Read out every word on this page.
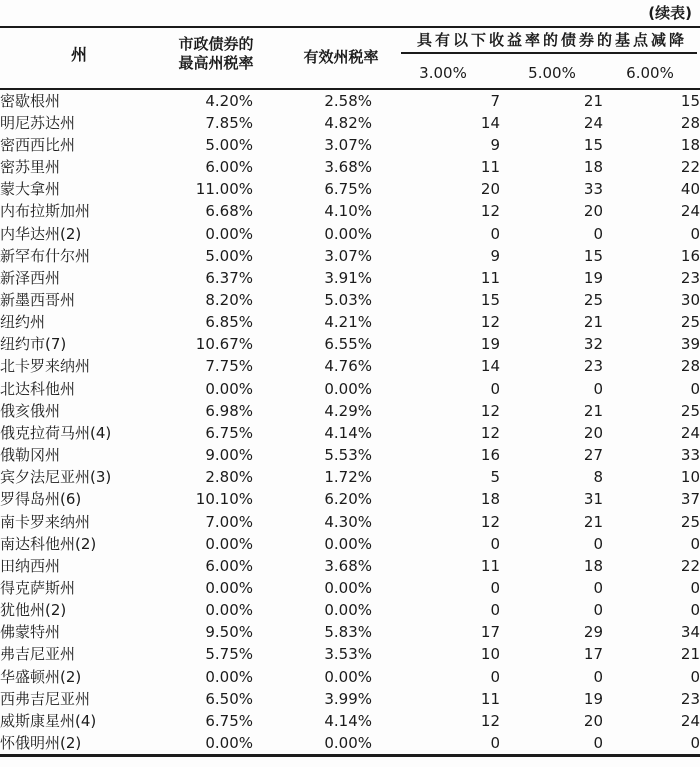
(续表)
州
市政债券的
最高州税率	有效州税率
具有以下收益率的债券的基点减降
3.00%	5.00%	6.00%
密歇根州	4.20%	2.58%	7	21	15
明尼苏达州	7.85%	4.82%	14	24	28
密西西比州	5.00%	3.07%	9	15	18
密苏里州	6.00%	3.68%	11	18	22
蒙大拿州	11.00%	6.75%	20	33	40
内布拉斯加州	6.68%	4.10%	12	20	24
内华达州(2)	0.00%	0.00%	0	0	0
新罕布什尔州	5.00%	3.07%	9	15	16
新泽西州	6.37%	3.91%	11	19	23
新墨西哥州	8.20%	5.03%	15	25	30
纽约州	6.85%	4.21%	12	21	25
纽约市(7)	10.67%	6.55%	19	32	39
北卡罗来纳州	7.75%	4.76%	14	23	28
北达科他州	0.00%	0.00%	0	0	0
俄亥俄州	6.98%	4.29%	12	21	25
俄克拉荷马州(4)	6.75%	4.14%	12	20	24
俄勒冈州	9.00%	5.53%	16	27	33
宾夕法尼亚州(3)	2.80%	1.72%	5	8	10
罗得岛州(6)	10.10%	6.20%	18	31	37
南卡罗来纳州	7.00%	4.30%	12	21	25
南达科他州(2)	0.00%	0.00%	0	0	0
田纳西州	6.00%	3.68%	11	18	22
得克萨斯州	0.00%	0.00%	0	0	0
犹他州(2)	0.00%	0.00%	0	0	0
佛蒙特州	9.50%	5.83%	17	29	34
弗吉尼亚州	5.75%	3.53%	10	17	21
华盛顿州(2)	0.00%	0.00%	0	0	0
西弗吉尼亚州	6.50%	3.99%	11	19	23
威斯康星州(4)	6.75%	4.14%	12	20	24
怀俄明州(2)	0.00%	0.00%	0	0	0
